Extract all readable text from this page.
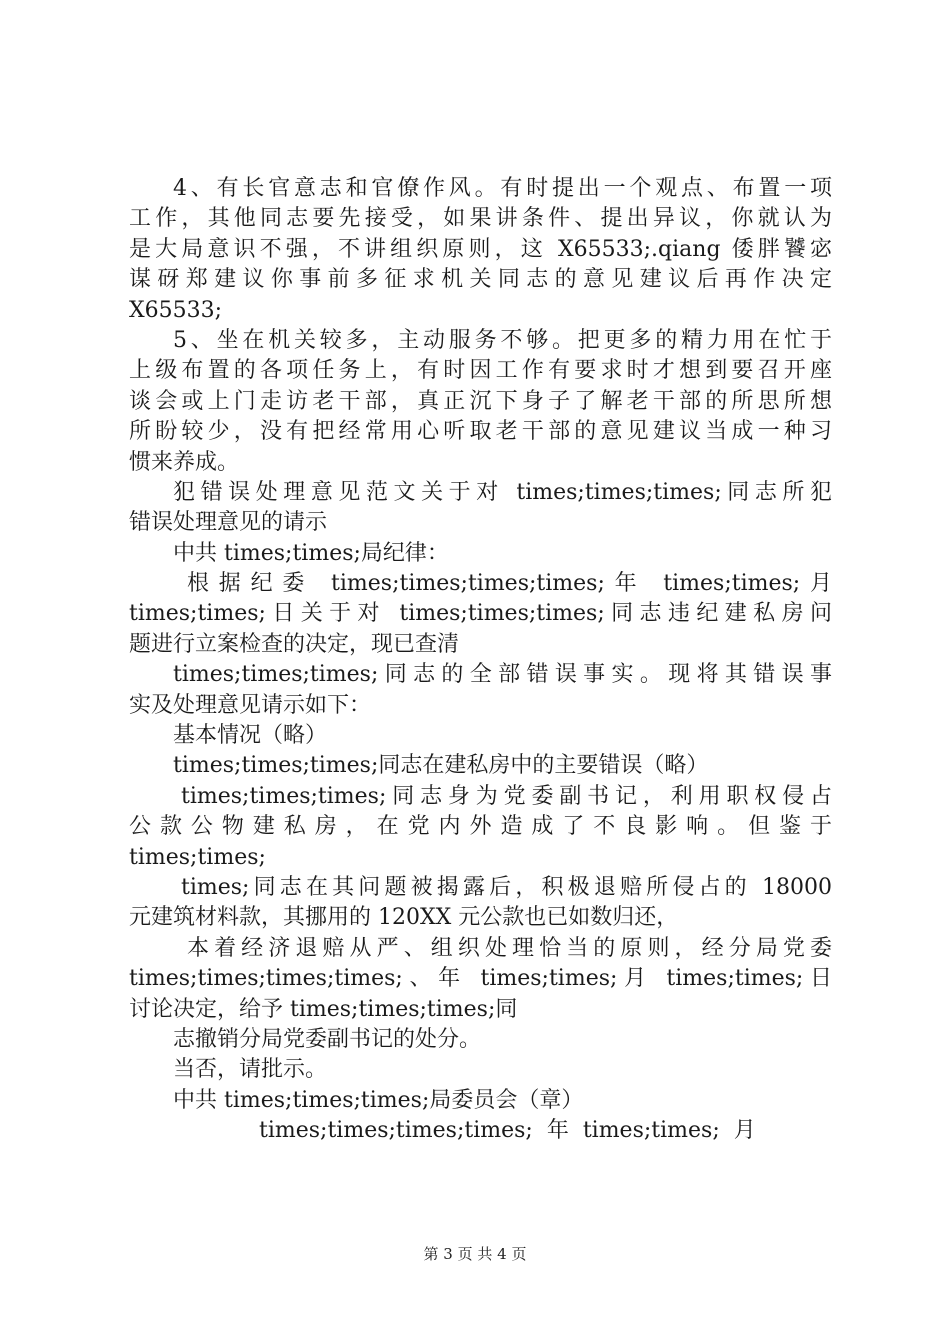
4、有长官意志和官僚作风。有时提出一个观点、布置一项
工作，其他同志要先接受，如果讲条件、提出异议，你就认为
是大局意识不强，不讲组织原则，这 X65533;.qiang 倭胖饕宓
谋砑郑建议你事前多征求机关同志的意见建议后再作决定
X65533;
5、坐在机关较多，主动服务不够。把更多的精力用在忙于
上级布置的各项任务上，有时因工作有要求时才想到要召开座
谈会或上门走访老干部，真正沉下身子了解老干部的所思所想
所盼较少，没有把经常用心听取老干部的意见建议当成一种习
惯来养成。
犯错误处理意见范文关于对 times;times;times;同志所犯
错误处理意见的请示
中共 times;times;局纪律：
根据纪委 times;times;times;times;年 times;times;月
times;times;日关于对 times;times;times;同志违纪建私房问
题进行立案检查的决定，现已查清
times;times;times;同志的全部错误事实。现将其错误事
实及处理意见请示如下：
基本情况（略）
times;times;times;同志在建私房中的主要错误（略）
times;times;times;同志身为党委副书记，利用职权侵占
公款公物建私房，在党内外造成了不良影响。但鉴于
times;times;
times;同志在其问题被揭露后，积极退赔所侵占的 18000
元建筑材料款，其挪用的 120XX 元公款也已如数归还，
本着经济退赔从严、组织处理恰当的原则，经分局党委
times;times;times;times;、年 times;times;月 times;times;日
讨论决定，给予 times;times;times;同
志撤销分局党委副书记的处分。
当否，请批示。
中共 times;times;times;局委员会（章）
times;times;times;times;  年  times;times;  月
第 3 页 共 4 页
